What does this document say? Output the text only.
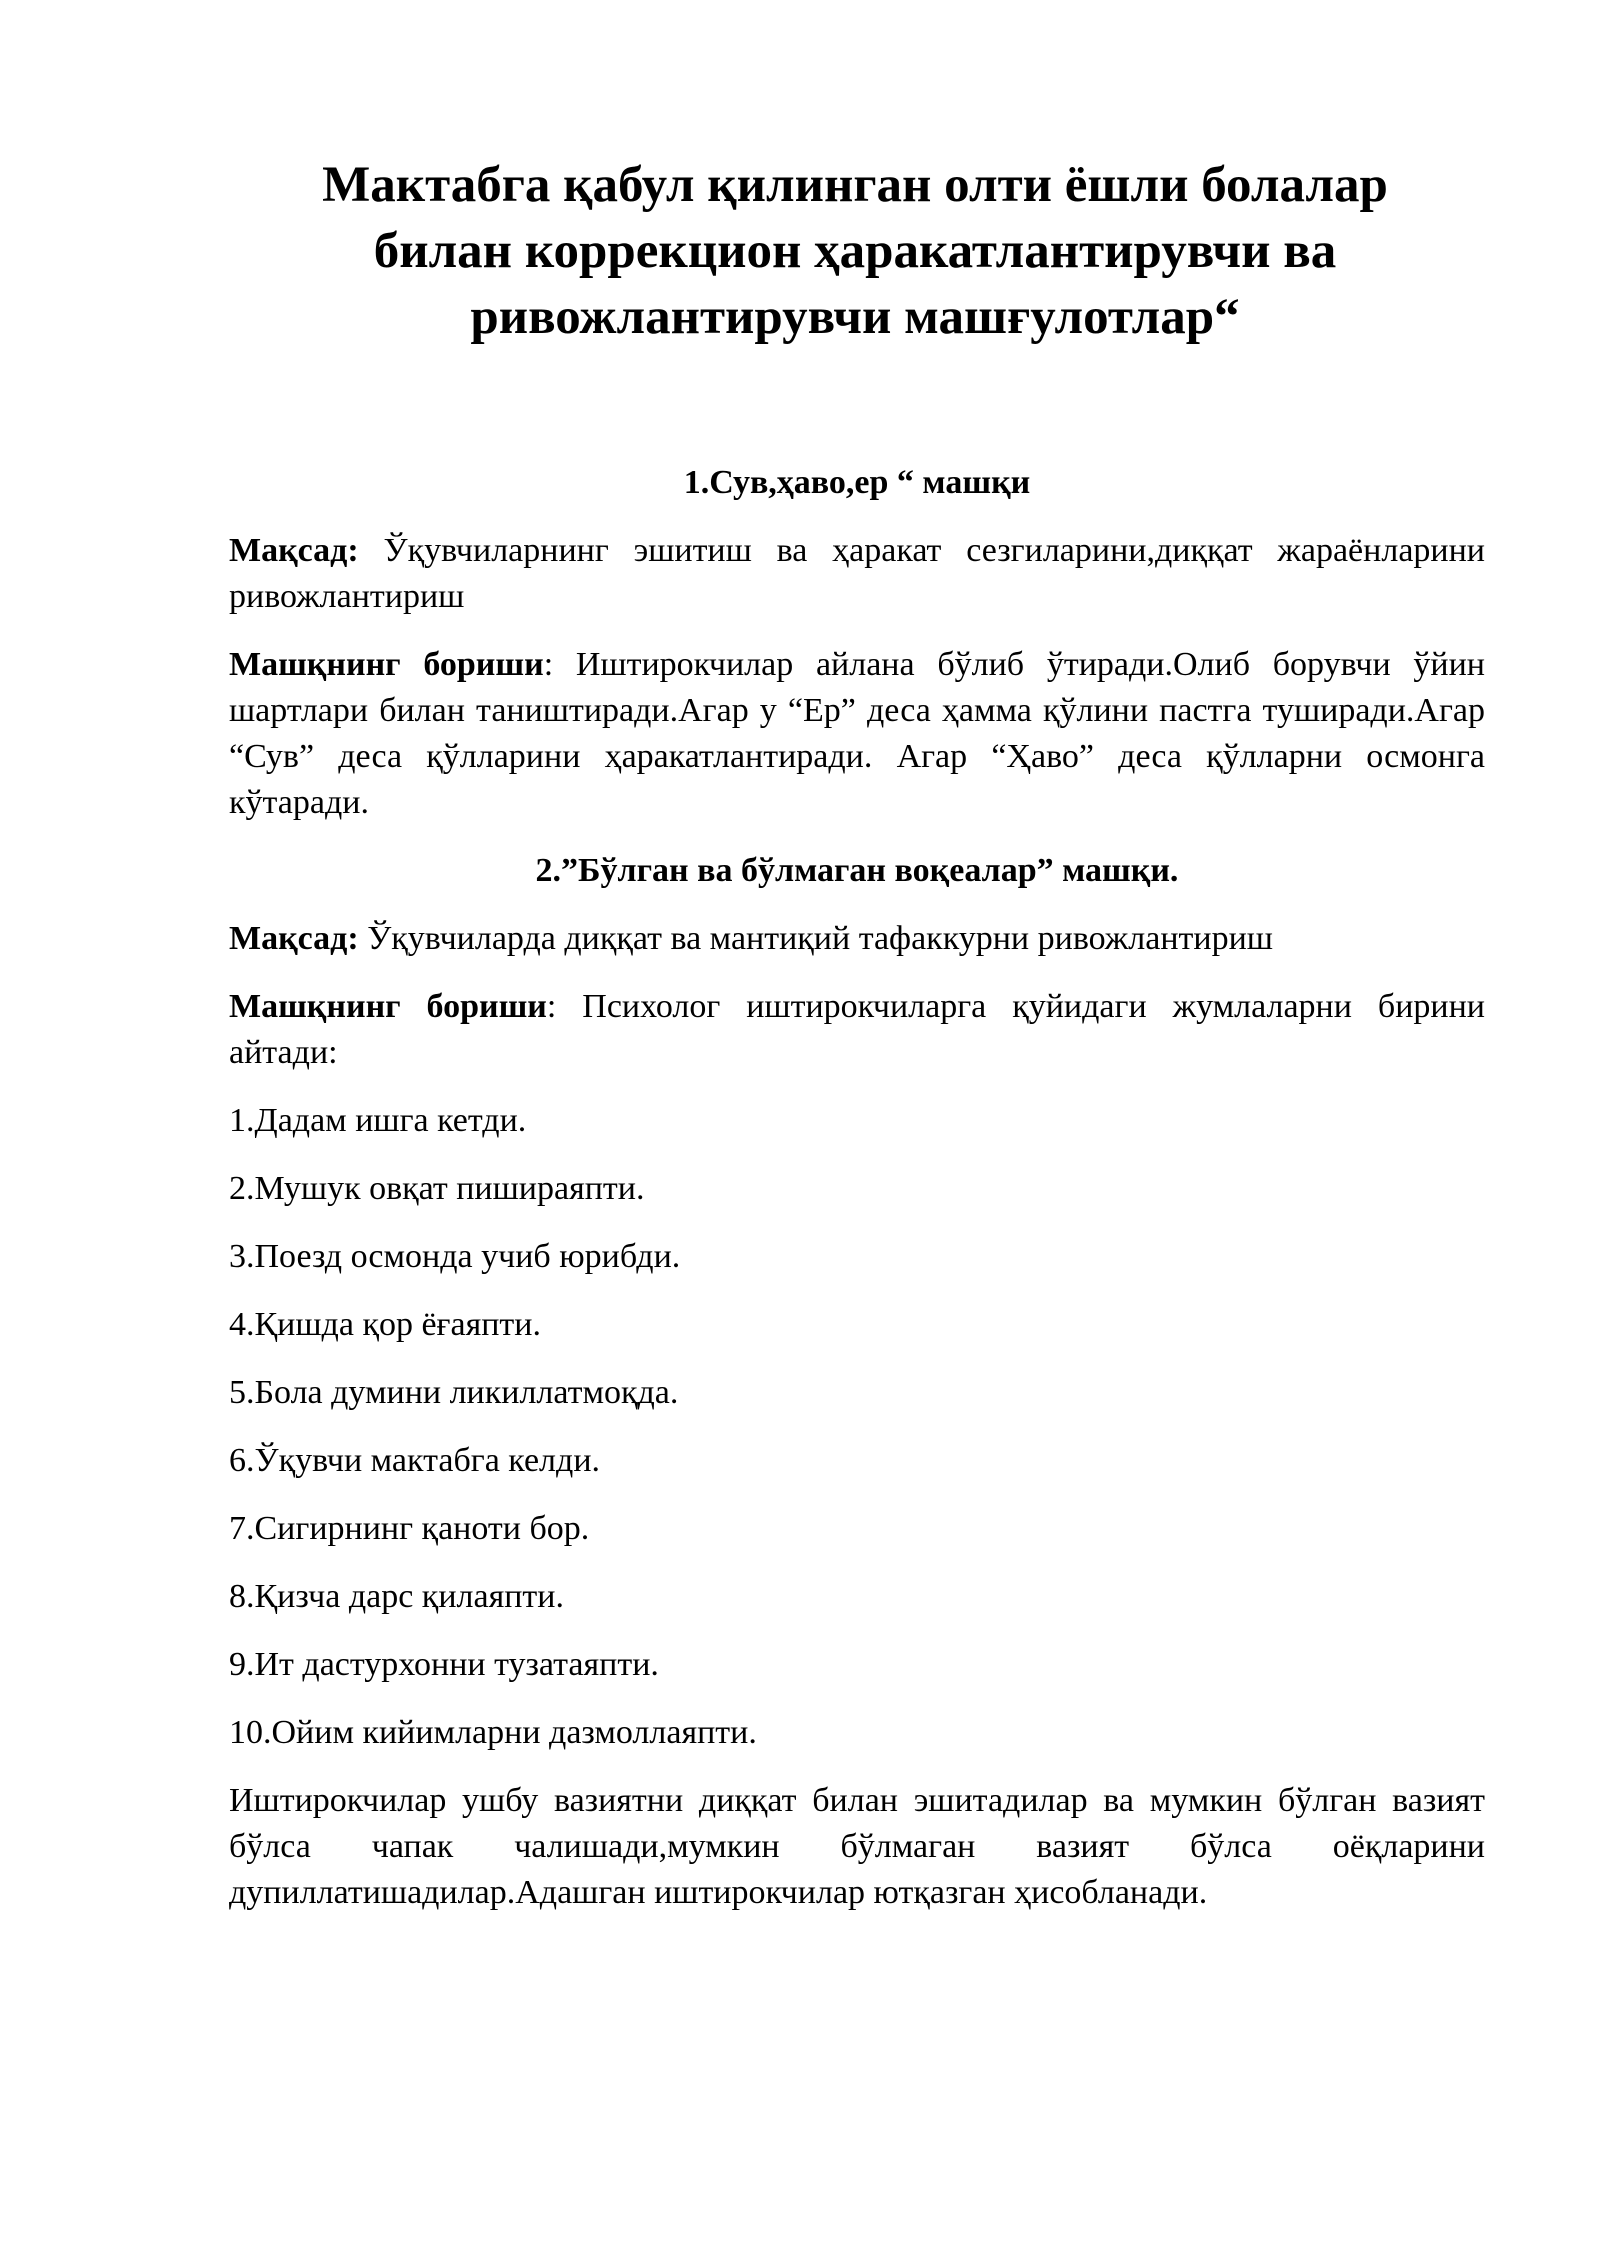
Мактабга қабул қилинган олти ёшли болалар
билан коррекцион ҳаракатлантирувчи ва
ривожлантирувчи машғулотлар“

1.Сув,ҳаво,ер “ машқи

Мақсад: Ўқувчиларнинг эшитиш ва ҳаракат сезгиларини,диққат жараёнларини ривожлантириш

Машқнинг бориши: Иштирокчилар айлана бўлиб ўтиради.Олиб борувчи ўйин шартлари билан таништиради.Агар у “Ер” деса ҳамма қўлини пастга туширади.Агар “Сув” деса қўлларини ҳаракатлантиради. Агар “Ҳаво” деса қўлларни осмонга кўтаради.

2.”Бўлган ва бўлмаган воқеалар” машқи.

Мақсад: Ўқувчиларда диққат ва мантиқий тафаккурни ривожлантириш

Машқнинг бориши: Психолог иштирокчиларга қуйидаги жумлаларни бирини айтади:

1.Дадам ишга кетди.

2.Мушук овқат пишираяпти.

3.Поезд осмонда учиб юрибди.

4.Қишда қор ёғаяпти.

5.Бола думини ликиллатмоқда.

6.Ўқувчи мактабга келди.

7.Сигирнинг қаноти бор.

8.Қизча дарс қилаяпти.

9.Ит дастурхонни тузатаяпти.

10.Ойим кийимларни дазмоллаяпти.

Иштирокчилар ушбу вазиятни диққат билан эшитадилар ва мумкин бўлган вазият бўлса чапак чалишади,мумкин бўлмаган вазият бўлса оёқларини дупиллатишадилар.Адашган иштирокчилар ютқазган ҳисобланади.
